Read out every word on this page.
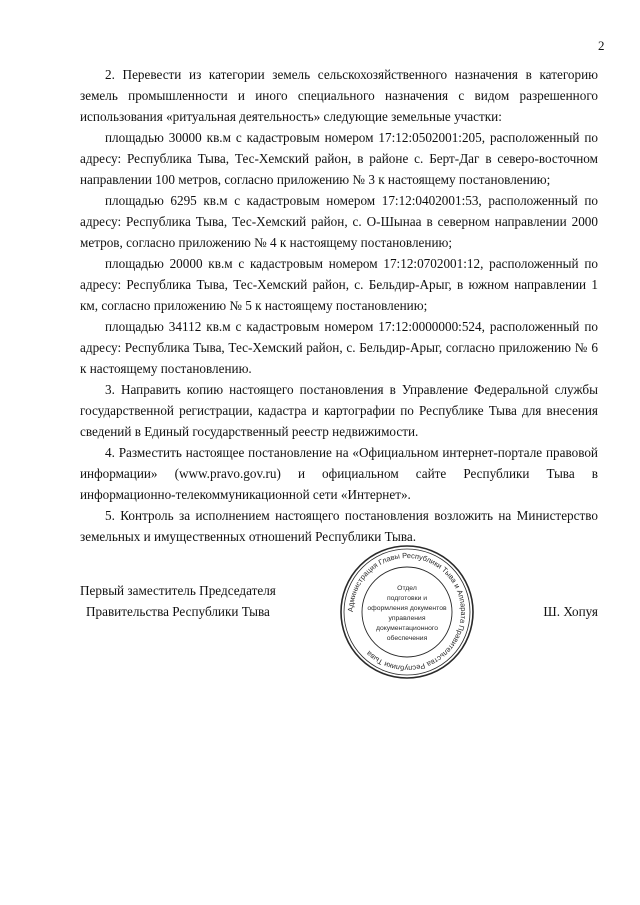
2

2. Перевести из категории земель сельскохозяйственного назначения в категорию земель промышленности и иного специального назначения с видом разрешенного использования «ритуальная деятельность» следующие земельные участки:

площадью 30000 кв.м с кадастровым номером 17:12:0502001:205, расположенный по адресу: Республика Тыва, Тес-Хемский район, в районе с. Берт-Даг в северо-восточном направлении 100 метров, согласно приложению № 3 к настоящему постановлению;

площадью 6295 кв.м с кадастровым номером 17:12:0402001:53, расположенный по адресу: Республика Тыва, Тес-Хемский район, с. О-Шынаа в северном направлении 2000 метров, согласно приложению № 4 к настоящему постановлению;

площадью 20000 кв.м с кадастровым номером 17:12:0702001:12, расположенный по адресу: Республика Тыва, Тес-Хемский район, с. Бельдир-Арыг, в южном направлении 1 км, согласно приложению № 5 к настоящему постановлению;

площадью 34112 кв.м с кадастровым номером 17:12:0000000:524, расположенный по адресу: Республика Тыва, Тес-Хемский район, с. Бельдир-Арыг, согласно приложению № 6 к настоящему постановлению.

3. Направить копию настоящего постановления в Управление Федеральной службы государственной регистрации, кадастра и картографии по Республике Тыва для внесения сведений в Единый государственный реестр недвижимости.

4. Разместить настоящее постановление на «Официальном интернет-портале правовой информации» (www.pravo.gov.ru) и официальном сайте Республики Тыва в информационно-телекоммуникационной сети «Интернет».

5. Контроль за исполнением настоящего постановления возложить на Министерство земельных и имущественных отношений Республики Тыва.

Первый заместитель Председателя
Правительства Республики Тыва	Ш. Хопуя
Администрация Главы Республики Тыва и Аппарата Правительства Республики Тыва
Отдел
подготовки и
оформления документов
управления
документационного
обеспечения
